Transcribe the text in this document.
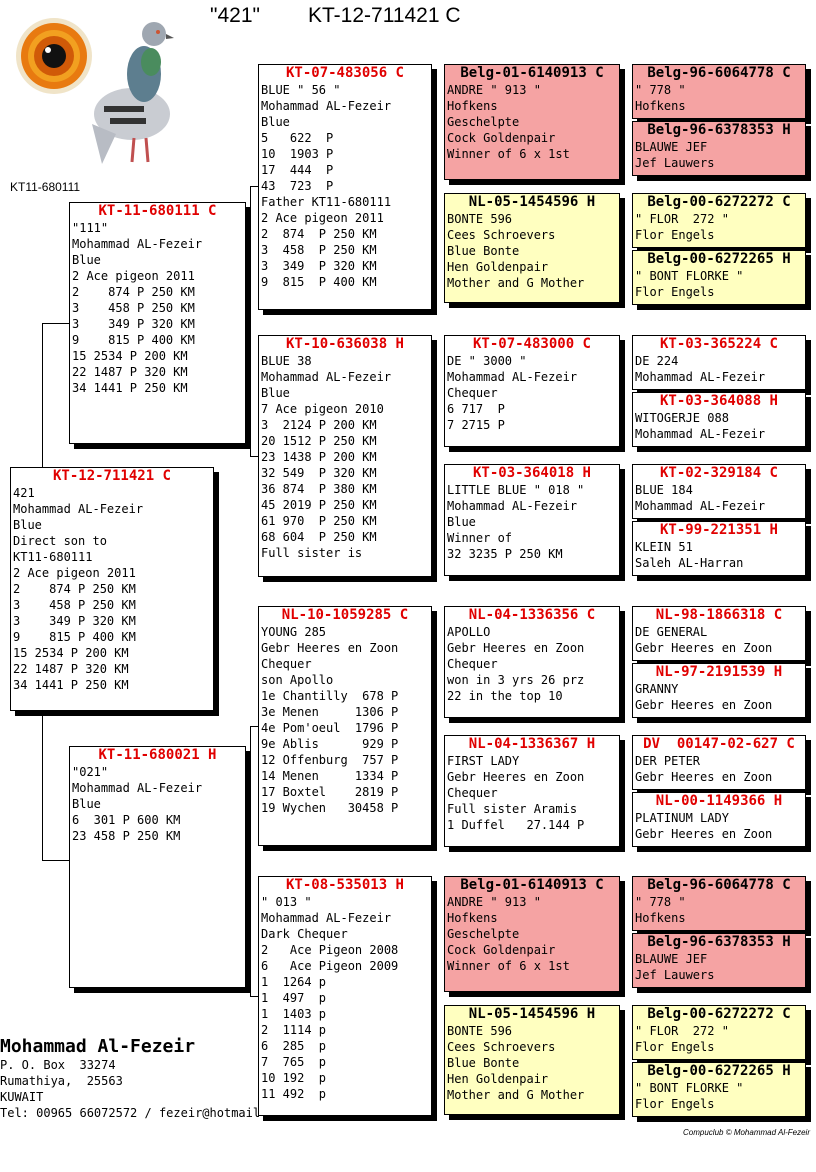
"421" KT-12-711421 C
KT11-680111
KT-12-711421 C
421
Mohammad AL-Fezeir
Blue
Direct son to
KT11-680111
2 Ace pigeon 2011
2    874 P 250 KM
3    458 P 250 KM
3    349 P 320 KM
9    815 P 400 KM
15 2534 P 200 KM
22 1487 P 320 KM
34 1441 P 250 KM
KT-11-680111 C
"111"
Mohammad AL-Fezeir
Blue
2 Ace pigeon 2011
2    874 P 250 KM
3    458 P 250 KM
3    349 P 320 KM
9    815 P 400 KM
15 2534 P 200 KM
22 1487 P 320 KM
34 1441 P 250 KM
KT-11-680021 H
"021"
Mohammad AL-Fezeir
Blue
6  301 P 600 KM
23 458 P 250 KM
KT-07-483056 C
BLUE " 56 "
Mohammad AL-Fezeir
Blue
5   622  P
10  1903 P
17  444  P
43  723  P
Father KT11-680111
2 Ace pigeon 2011
2  874  P 250 KM
3  458  P 250 KM
3  349  P 320 KM
9  815  P 400 KM
KT-10-636038 H
BLUE 38
Mohammad AL-Fezeir
Blue
7 Ace pigeon 2010
3  2124 P 200 KM
20 1512 P 250 KM
23 1438 P 200 KM
32 549  P 320 KM
36 874  P 380 KM
45 2019 P 250 KM
61 970  P 250 KM
68 604  P 250 KM
Full sister is
NL-10-1059285 C
YOUNG 285
Gebr Heeres en Zoon
Chequer
son Apollo
1e Chantilly  678 P
3e Menen     1306 P
4e Pom'oeul  1796 P
9e Ablis      929 P
12 Offenburg  757 P
14 Menen     1334 P
17 Boxtel    2819 P
19 Wychen   30458 P
KT-08-535013 H
" 013 "
Mohammad AL-Fezeir
Dark Chequer
2   Ace Pigeon 2008
6   Ace Pigeon 2009
1  1264 p
1  497  p
1  1403 p
2  1114 p
6  285  p
7  765  p
10 192  p
11 492  p
Belg-01-6140913 C
ANDRE " 913 "
Hofkens
Geschelpte
Cock Goldenpair
Winner of 6 x 1st
NL-05-1454596 H
BONTE 596
Cees Schroevers
Blue Bonte
Hen Goldenpair
Mother and G Mother
KT-07-483000 C
DE " 3000 "
Mohammad AL-Fezeir
Chequer
6 717  P
7 2715 P
KT-03-364018 H
LITTLE BLUE " 018 "
Mohammad AL-Fezeir
Blue
Winner of
32 3235 P 250 KM
NL-04-1336356 C
APOLLO
Gebr Heeres en Zoon
Chequer
won in 3 yrs 26 prz
22 in the top 10
NL-04-1336367 H
FIRST LADY
Gebr Heeres en Zoon
Chequer
Full sister Aramis
1 Duffel   27.144 P
Belg-01-6140913 C
ANDRE " 913 "
Hofkens
Geschelpte
Cock Goldenpair
Winner of 6 x 1st
NL-05-1454596 H
BONTE 596
Cees Schroevers
Blue Bonte
Hen Goldenpair
Mother and G Mother
Belg-96-6064778 C
" 778 "
Hofkens
Belg-96-6378353 H
BLAUWE JEF
Jef Lauwers
Belg-00-6272272 C
" FLOR  272 "
Flor Engels
Belg-00-6272265 H
" BONT FLORKE "
Flor Engels
KT-03-365224 C
DE 224
Mohammad AL-Fezeir
KT-03-364088 H
WITOGERJE 088
Mohammad AL-Fezeir
KT-02-329184 C
BLUE 184
Mohammad AL-Fezeir
KT-99-221351 H
KLEIN 51
Saleh AL-Harran
NL-98-1866318 C
DE GENERAL
Gebr Heeres en Zoon
NL-97-2191539 H
GRANNY
Gebr Heeres en Zoon
DV  00147-02-627 C
DER PETER
Gebr Heeres en Zoon
NL-00-1149366 H
PLATINUM LADY
Gebr Heeres en Zoon
Belg-96-6064778 C
" 778 "
Hofkens
Belg-96-6378353 H
BLAUWE JEF
Jef Lauwers
Belg-00-6272272 C
" FLOR  272 "
Flor Engels
Belg-00-6272265 H
" BONT FLORKE "
Flor Engels
Mohammad Al-Fezeir
P. O. Box  33274
Rumathiya,  25563
KUWAIT
Tel: 00965 66072572 / fezeir@hotmail.
Compuclub © Mohammad Al-Fezeir
